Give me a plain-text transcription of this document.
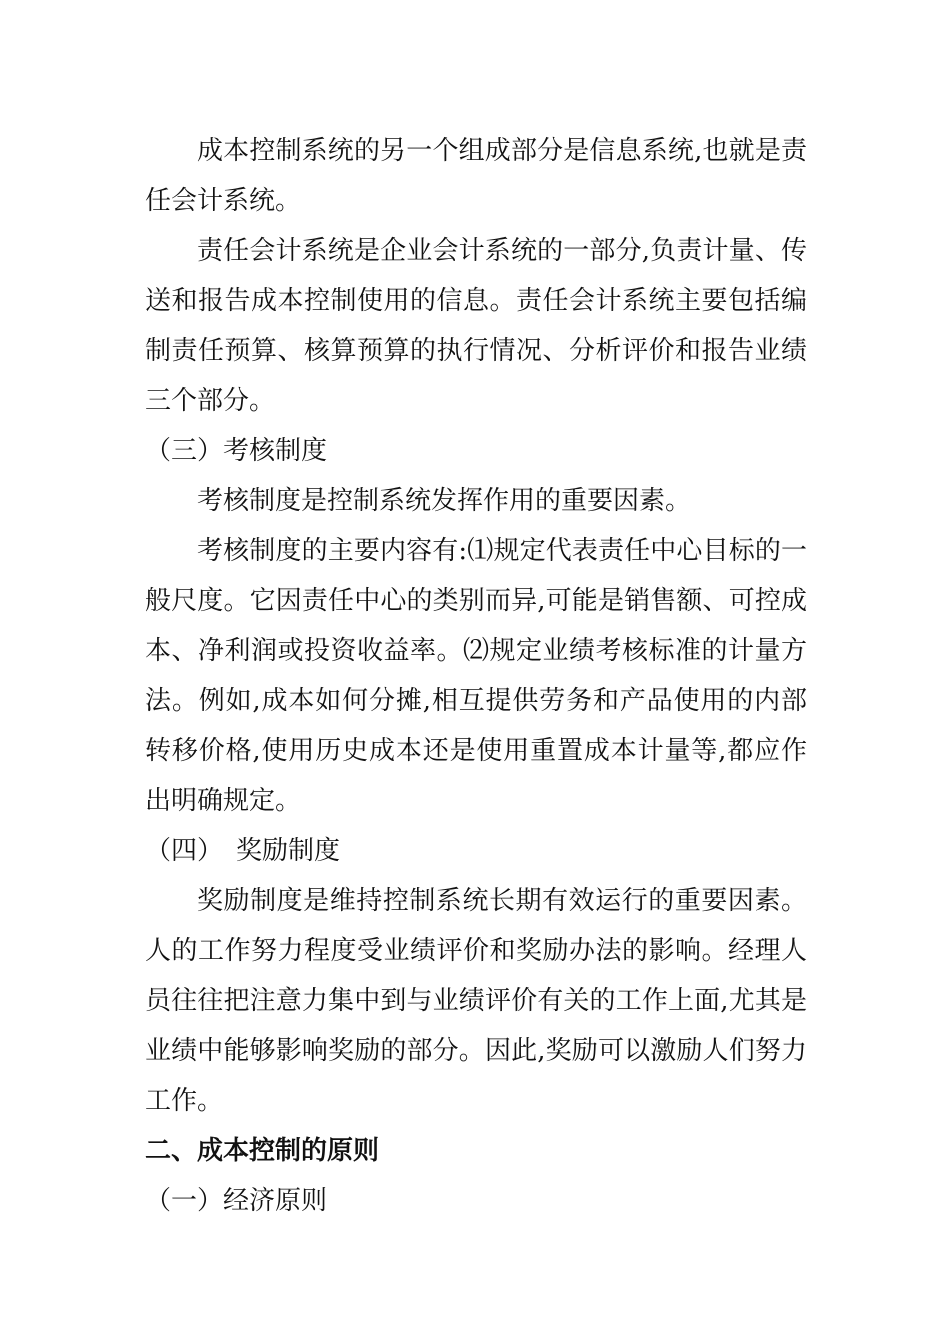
成本控制系统的另一个组成部分是信息系统,也就是责任会计系统。

责任会计系统是企业会计系统的一部分,负责计量、传送和报告成本控制使用的信息。责任会计系统主要包括编制责任预算、核算预算的执行情况、分析评价和报告业绩三个部分。

（三）考核制度

考核制度是控制系统发挥作用的重要因素。

考核制度的主要内容有:⑴规定代表责任中心目标的一般尺度。它因责任中心的类别而异,可能是销售额、可控成本、净利润或投资收益率。⑵规定业绩考核标准的计量方法。例如,成本如何分摊,相互提供劳务和产品使用的内部转移价格,使用历史成本还是使用重置成本计量等,都应作出明确规定。

（四）　奖励制度

奖励制度是维持控制系统长期有效运行的重要因素。人的工作努力程度受业绩评价和奖励办法的影响。经理人员往往把注意力集中到与业绩评价有关的工作上面,尤其是业绩中能够影响奖励的部分。因此,奖励可以激励人们努力工作。

二、成本控制的原则

（一）经济原则
